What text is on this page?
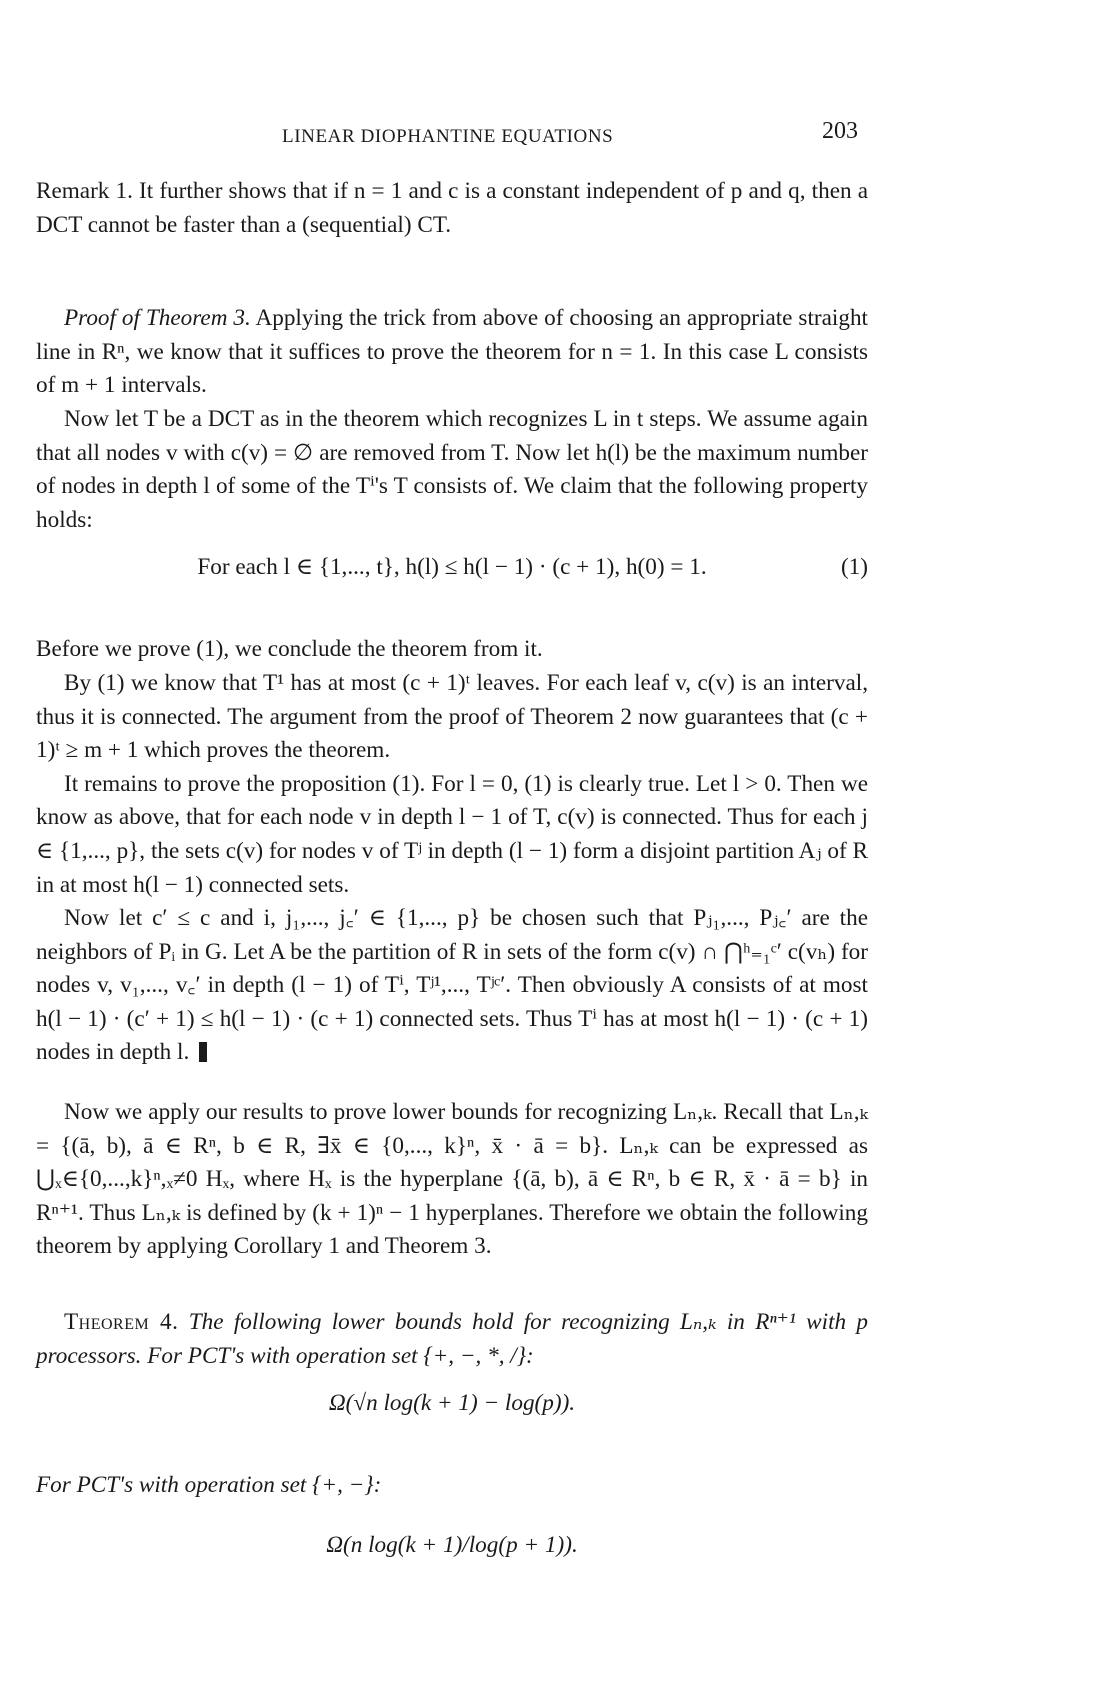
LINEAR DIOPHANTINE EQUATIONS	203

Remark 1. It further shows that if n = 1 and c is a constant independent of p and q, then a DCT cannot be faster than a (sequential) CT.

Proof of Theorem 3. Applying the trick from above of choosing an appropriate straight line in Rⁿ, we know that it suffices to prove the theorem for n = 1. In this case L consists of m + 1 intervals.

Now let T be a DCT as in the theorem which recognizes L in t steps. We assume again that all nodes v with c(v) = ∅ are removed from T. Now let h(l) be the maximum number of nodes in depth l of some of the Tⁱ's T consists of. We claim that the following property holds:

For each l ∈ {1,..., t}, h(l) ≤ h(l − 1) · (c + 1), h(0) = 1.	(1)

Before we prove (1), we conclude the theorem from it.

By (1) we know that T¹ has at most (c + 1)ᵗ leaves. For each leaf v, c(v) is an interval, thus it is connected. The argument from the proof of Theorem 2 now guarantees that (c + 1)ᵗ ≥ m + 1 which proves the theorem.

It remains to prove the proposition (1). For l = 0, (1) is clearly true. Let l > 0. Then we know as above, that for each node v in depth l − 1 of T, c(v) is connected. Thus for each j ∈ {1,..., p}, the sets c(v) for nodes v of Tʲ in depth (l − 1) form a disjoint partition Aⱼ of R in at most h(l − 1) connected sets.

Now let c′ ≤ c and i, j₁,..., j꜀′ ∈ {1,..., p} be chosen such that Pⱼ₁,..., Pⱼ꜀′ are the neighbors of Pᵢ in G. Let A be the partition of R in sets of the form c(v) ∩ ⋂ʰ₌₁ᶜ′ c(vₕ) for nodes v, v₁,..., v꜀′ in depth (l − 1) of Tⁱ, Tʲ¹,..., Tʲᶜ′. Then obviously A consists of at most h(l − 1) · (c′ + 1) ≤ h(l − 1) · (c + 1) connected sets. Thus Tⁱ has at most h(l − 1) · (c + 1) nodes in depth l.

Now we apply our results to prove lower bounds for recognizing Lₙ,ₖ. Recall that Lₙ,ₖ = {(ā, b), ā ∈ Rⁿ, b ∈ R, ∃x̄ ∈ {0,..., k}ⁿ, x̄ · ā = b}. Lₙ,ₖ can be expressed as ⋃ₓ∈{0,...,k}ⁿ,ₓ≠0 Hₓ, where Hₓ is the hyperplane {(ā, b), ā ∈ Rⁿ, b ∈ R, x̄ · ā = b} in Rⁿ⁺¹. Thus Lₙ,ₖ is defined by (k + 1)ⁿ − 1 hyperplanes. Therefore we obtain the following theorem by applying Corollary 1 and Theorem 3.

Theorem 4. The following lower bounds hold for recognizing Lₙ,ₖ in Rⁿ⁺¹ with p processors. For PCT's with operation set {+, −, *, /}:

Ω(√n log(k + 1) − log(p)).

For PCT's with operation set {+, −}:

Ω(n log(k + 1)/log(p + 1)).
